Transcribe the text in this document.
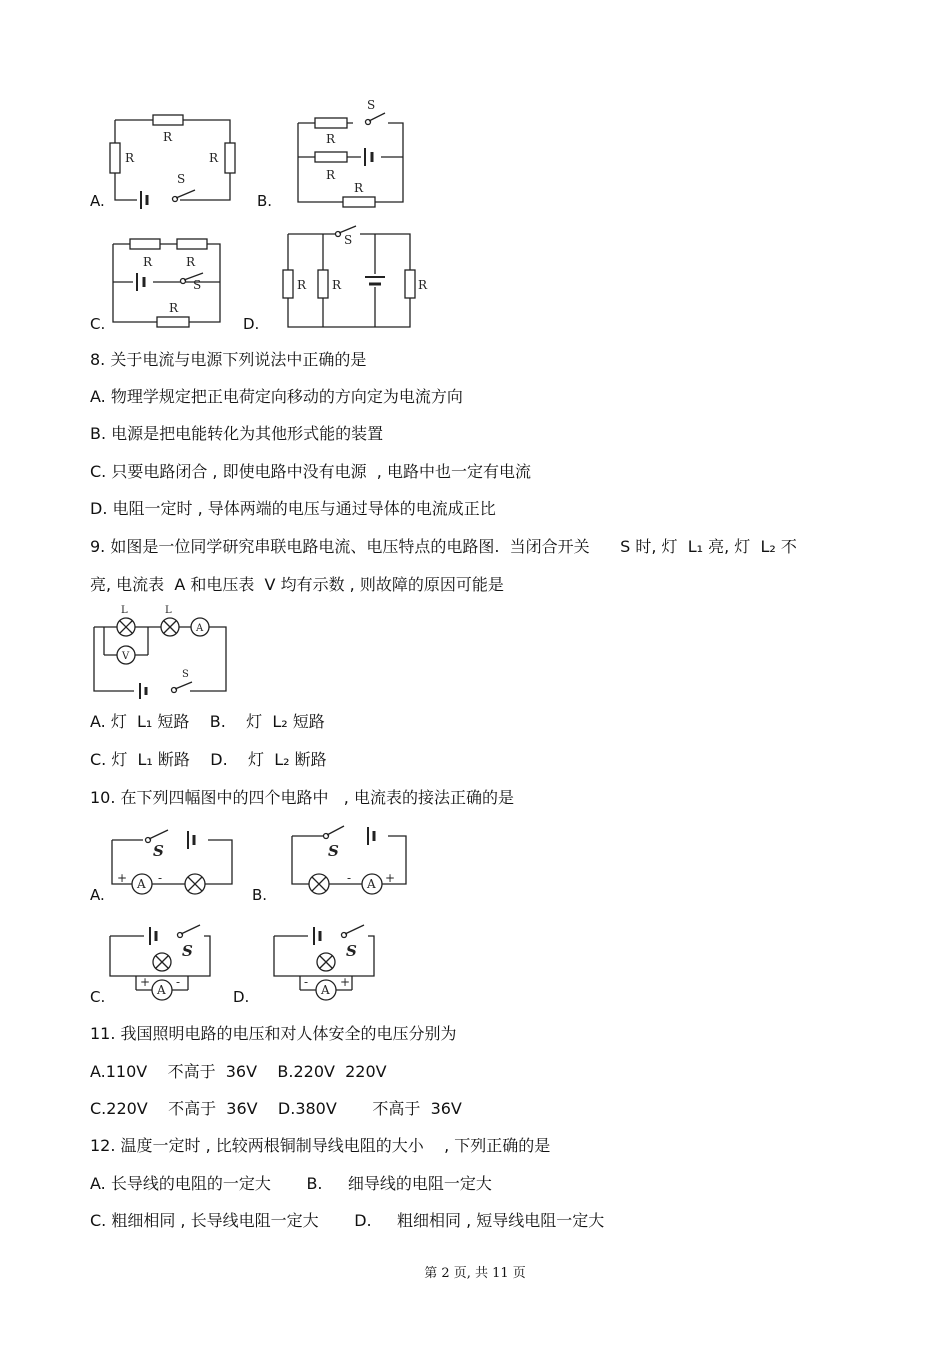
A.
R
R	R
S
B.
S
R
R
R
C.
R	R
S
R
D.
S
R R	R
8. 关于电流与电源下列说法中正确的是
A. 物理学规定把正电荷定向移动的方向定为电流方向
B. 电源是把电能转化为其他形式能的装置
C. 只要电路闭合 , 即使电路中没有电源  , 电路中也一定有电流
D. 电阻一定时 , 导体两端的电压与通过导体的电流成正比
9. 如图是一位同学研究串联电路电流、电压特点的电路图.  当闭合开关      S 时, 灯  L₁ 亮, 灯  L₂ 不
亮, 电流表  A 和电压表  V 均有示数 , 则故障的原因可能是
L	L
A
V
S
A. 灯  L₁ 短路    B.    灯  L₂ 短路
C. 灯  L₁ 断路    D.    灯  L₂ 断路
10. 在下列四幅图中的四个电路中   , 电流表的接法正确的是
A.
S
A
+	-
B.
S
A
-	+
C.
S
A
+ -
D.
S
A
-	+
11. 我国照明电路的电压和对人体安全的电压分别为
A.110V    不高于  36V    B.220V  220V
C.220V    不高于  36V    D.380V       不高于  36V
12. 温度一定时 , 比较两根铜制导线电阻的大小    , 下列正确的是
A. 长导线的电阻的一定大       B.     细导线的电阻一定大
C. 粗细相同 , 长导线电阻一定大       D.     粗细相同 , 短导线电阻一定大
第 2 页, 共 11 页
